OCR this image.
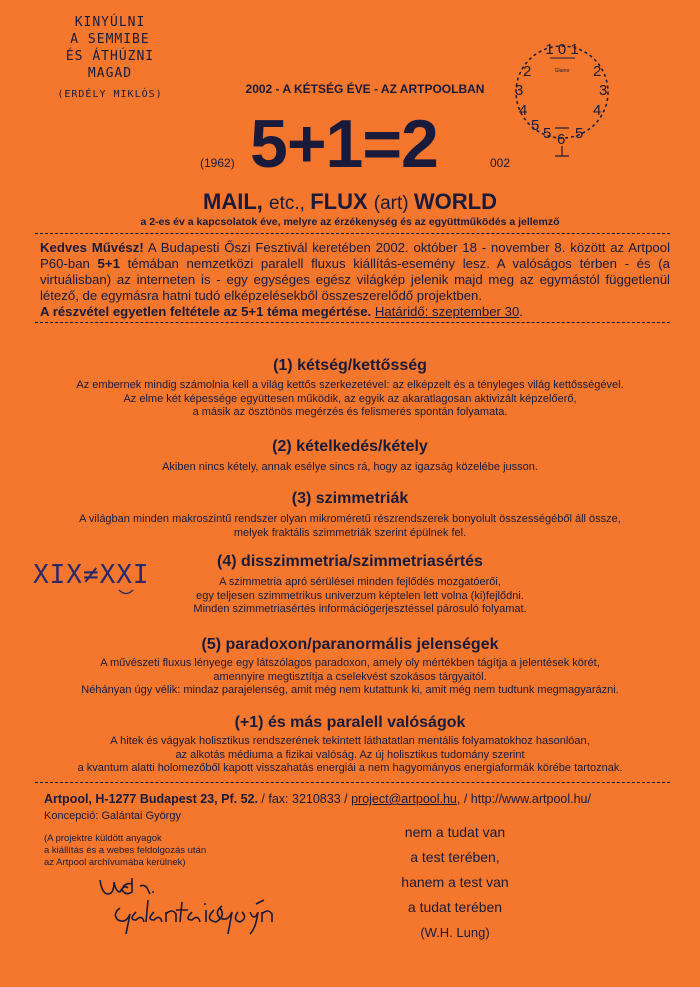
KINYÚLNI
A SEMMIBE
ÉS ÁTHÚZNI
MAGAD
(ERDÉLY MIKLÓS)	2002 - A KÉTSÉG ÉVE - AZ ARTPOOLBAN
(1962) 5+1=2	002
1 0 1
Glamo
2
3
4
5
2
3
4
5 6 5
MAIL, etc., FLUX (art) WORLD
a 2-es év a kapcsolatok éve, melyre az érzékenység és az együttműködés a jellemző
Kedves Művész! A Budapesti Őszi Fesztivál keretében 2002. október 18 - november 8. között az Artpool P60-ban 5+1 témában nemzetközi paralell fluxus kiállítás-esemény lesz. A valóságos térben - és (a virtuálisban) az interneten is - egy egységes egész világkép jelenik majd meg az egymástól függetlenül létező, de egymásra hatni tudó elképzelésekből összeszerelődő projektben.
A részvétel egyetlen feltétele az 5+1 téma megértése. Határidő: szeptember 30.
(1) kétség/kettősség
Az embernek mindig számolnia kell a világ kettős szerkezetével: az elképzelt és a tényleges világ kettősségével.
Az elme két képessége együttesen működik, az egyik az akaratlagosan aktivizált képzelőerő,
a másik az ösztönös megérzés és felismerés spontán folyamata.
(2) kételkedés/kétely
Akiben nincs kétely, annak esélye sincs rá, hogy az igazság közelébe jusson.
(3) szimmetriák
A világban minden makroszintű rendszer olyan mikroméretű részrendszerek bonyolult összességéből áll össze,
melyek fraktális szimmetriák szerint épülnek fel.
XIX≠XXI	(4) disszimmetria/szimmetriasértés
A szimmetria apró sérülései minden fejlődés mozgatóerői,
egy teljesen szimmetrikus univerzum képtelen lett volna (ki)fejlődni.
Minden szimmetriasértés információgerjesztéssel párosuló folyamat.
(5) paradoxon/paranormális jelenségek
A művészeti fluxus lényege egy látszólagos paradoxon, amely oly mértékben tágítja a jelentések körét,
amennyire megtisztítja a cselekvést szokásos tárgyaitól.
Néhányan úgy vélik: mindaz parajelenség, amit még nem kutattunk ki, amit még nem tudtunk megmagyarázni.
(+1) és más paralell valóságok
A hitek és vágyak holisztikus rendszerének tekintett láthatatlan mentális folyamatokhoz hasonlóan,
az alkotás médiuma a fizikai valóság. Az új holisztikus tudomány szerint
a kvantum alatti holomezőből kapott visszahatás energiái a nem hagyományos energiaformák körébe tartoznak.
Artpool, H-1277 Budapest 23, Pf. 52. / fax: 3210833 / project@artpool.hu, / http://www.artpool.hu/
Koncepció: Galántai György
(A projektre küldött anyagok
a kiállítás és a webes feldolgozás után
az Artpool archívumába kerülnek)
nem a tudat van
a test terében,
hanem a test van
a tudat terében
(W.H. Lung)
